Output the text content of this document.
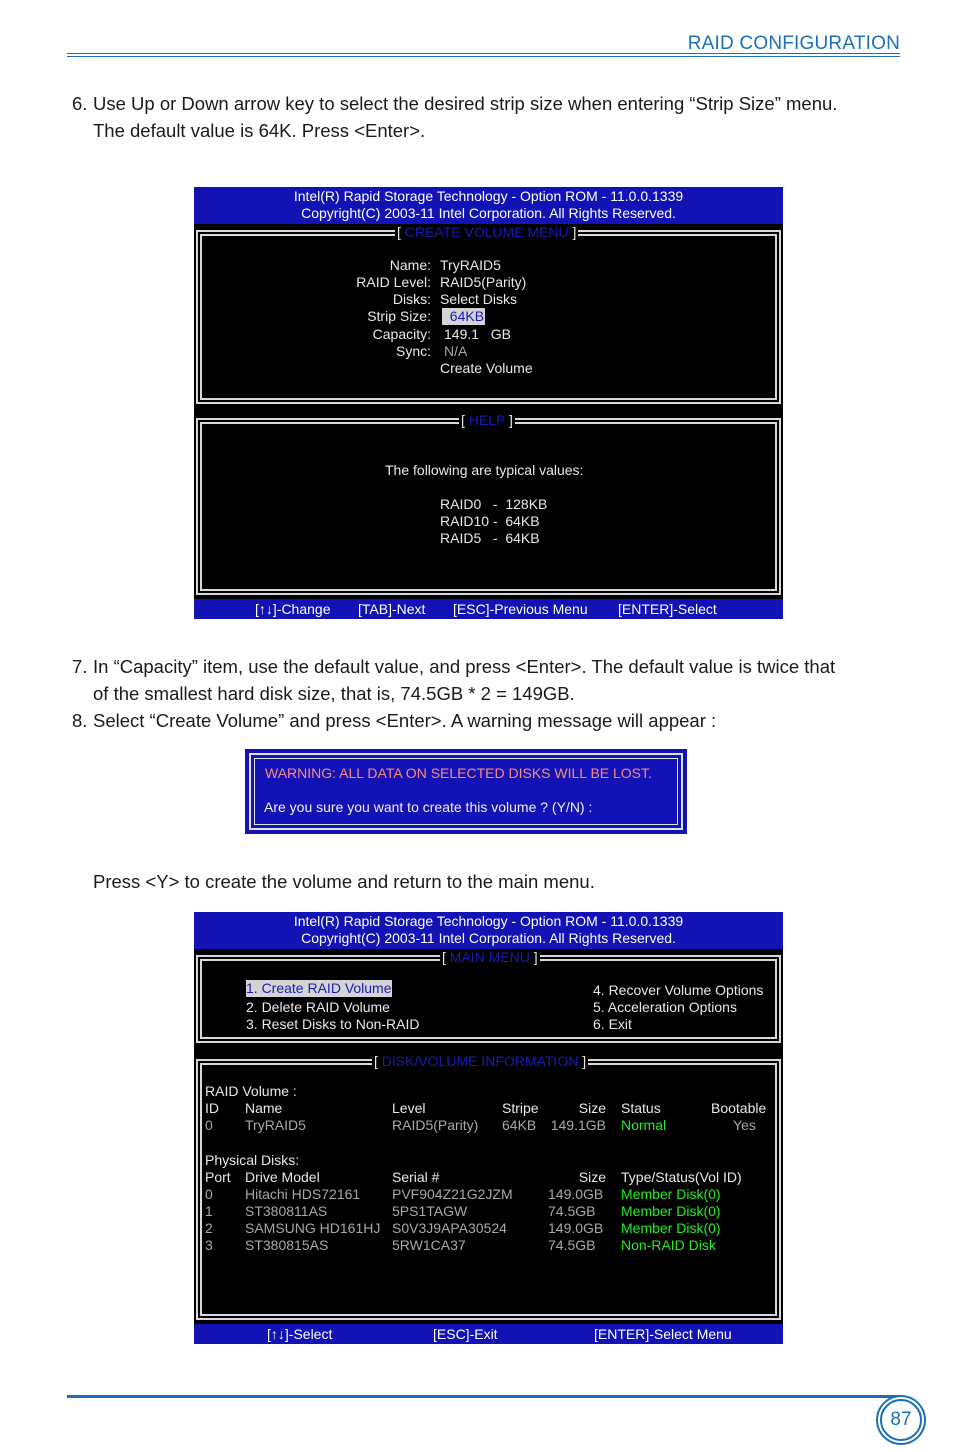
RAID CONFIGURATION
6. Use Up or Down arrow key to select the desired strip size when entering “Strip Size” menu.
The default value is 64K. Press <Enter>.
Intel(R) Rapid Storage Technology - Option ROM - 11.0.0.1339
Copyright(C) 2003-11 Intel Corporation. All Rights Reserved.
[ CREATE VOLUME MENU ]
Name: TryRAID5
RAID Level: RAID5(Parity)
Disks: Select Disks
Strip Size: 64KB
Capacity: 149.1   GB
Sync: N/A
Create Volume
[ HELP ]
The following are typical values:
RAID0   -  128KB
RAID10 -  64KB
RAID5   -  64KB
[↑↓]-Change [TAB]-Next [ESC]-Previous Menu [ENTER]-Select
7. In “Capacity” item, use the default value, and press <Enter>. The default value is twice that
of the smallest hard disk size, that is, 74.5GB * 2 = 149GB.
8. Select “Create Volume” and press <Enter>. A warning message will appear :
WARNING: ALL DATA ON SELECTED DISKS WILL BE LOST.
Are you sure you want to create this volume ? (Y/N) :
Press <Y> to create the volume and return to the main menu.
Intel(R) Rapid Storage Technology - Option ROM - 11.0.0.1339
Copyright(C) 2003-11 Intel Corporation. All Rights Reserved.
[ MAIN MENU ]
1. Create RAID Volume
2. Delete RAID Volume
3. Reset Disks to Non-RAID
4. Recover Volume Options
5. Acceleration Options
6. Exit
[ DISK/VOLUME INFORMATION ]
RAID Volume :
ID Name	Level	Stripe	Size Status	Bootable
0 TryRAID5	RAID5(Parity) 64KB 149.1GB Normal	Yes
Physical Disks:
Port Drive Model	Serial #	Size Type/Status(Vol ID)
0 Hitachi HDS72161 PVF904Z21G2JZM	149.0GB Member Disk(0)
1 ST380811AS	5PS1TAGW	74.5GB Member Disk(0)
2 SAMSUNG HD161HJ S0V3J9APA30524	149.0GB Member Disk(0)
3 ST380815AS	5RW1CA37	74.5GB Non-RAID Disk
[↑↓]-Select	[ESC]-Exit	[ENTER]-Select Menu
87
